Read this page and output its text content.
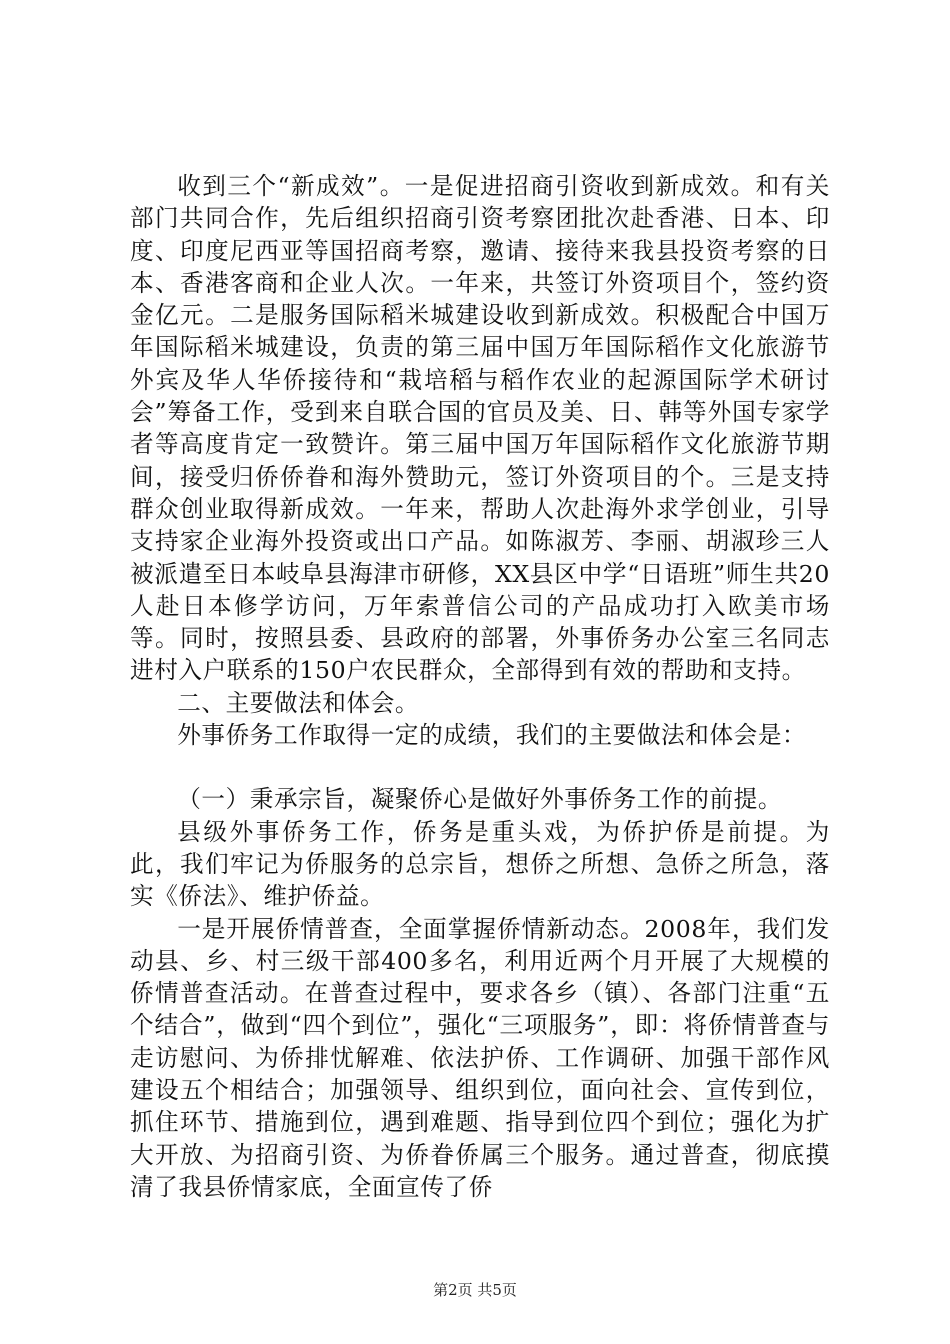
收到三个“新成效”。一是促进招商引资收到新成效。和有关部门共同合作，先后组织招商引资考察团批次赴香港、日本、印度、印度尼西亚等国招商考察，邀请、接待来我县投资考察的日本、香港客商和企业人次。一年来，共签订外资项目个，签约资金亿元。二是服务国际稻米城建设收到新成效。积极配合中国万年国际稻米城建设，负责的第三届中国万年国际稻作文化旅游节外宾及华人华侨接待和“栽培稻与稻作农业的起源国际学术研讨会”筹备工作，受到来自联合国的官员及美、日、韩等外国专家学者等高度肯定一致赞许。第三届中国万年国际稻作文化旅游节期间，接受归侨侨眷和海外赞助元，签订外资项目的个。三是支持群众创业取得新成效。一年来，帮助人次赴海外求学创业，引导支持家企业海外投资或出口产品。如陈淑芳、李丽、胡淑珍三人被派遣至日本岐阜县海津市研修，XX县区中学“日语班”师生共20人赴日本修学访问，万年索普信公司的产品成功打入欧美市场等。同时，按照县委、县政府的部署，外事侨务办公室三名同志进村入户联系的150户农民群众，全部得到有效的帮助和支持。

二、主要做法和体会。

外事侨务工作取得一定的成绩，我们的主要做法和体会是：

（一）秉承宗旨，凝聚侨心是做好外事侨务工作的前提。

县级外事侨务工作，侨务是重头戏，为侨护侨是前提。为此，我们牢记为侨服务的总宗旨，想侨之所想、急侨之所急，落实《侨法》、维护侨益。

一是开展侨情普查，全面掌握侨情新动态。2008年，我们发动县、乡、村三级干部400多名，利用近两个月开展了大规模的侨情普查活动。在普查过程中，要求各乡（镇）、各部门注重“五个结合”，做到“四个到位”，强化“三项服务”，即：将侨情普查与走访慰问、为侨排忧解难、依法护侨、工作调研、加强干部作风建设五个相结合；加强领导、组织到位，面向社会、宣传到位，抓住环节、措施到位，遇到难题、指导到位四个到位；强化为扩大开放、为招商引资、为侨眷侨属三个服务。通过普查，彻底摸清了我县侨情家底，全面宣传了侨

第2页 共5页
